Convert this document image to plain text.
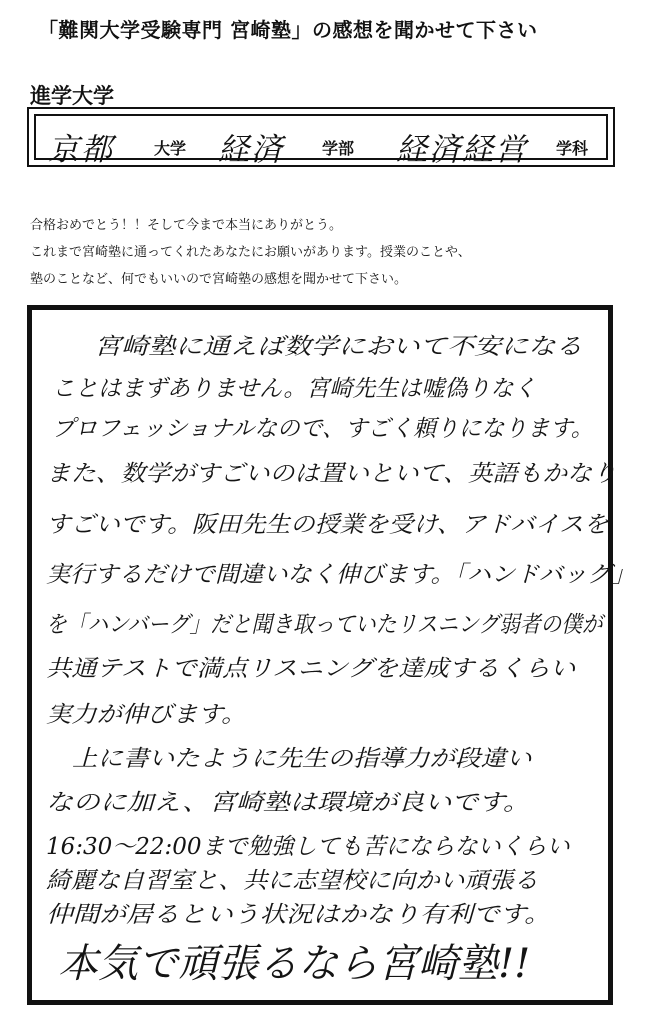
「難関大学受験専門 宮崎塾」の感想を聞かせて下さい
進学大学
京都	大学 経済 学部 経済経営 学科
合格おめでとう！！そして今まで本当にありがとう。
これまで宮崎塾に通ってくれたあなたにお願いがあります。授業のことや、
塾のことなど、何でもいいので宮崎塾の感想を聞かせて下さい。
宮崎塾に通えば数学において不安になる
ことはまずありません。宮崎先生は嘘偽りなく
プロフェッショナルなので、すごく頼りになります。
また、数学がすごいのは置いといて、英語もかなり
すごいです。阪田先生の授業を受け、アドバイスを
実行するだけで間違いなく伸びます。「ハンドバッグ」
を「ハンバーグ」だと聞き取っていたリスニング弱者の僕が
共通テストで満点リスニングを達成するくらい
実力が伸びます。
上に書いたように先生の指導力が段違い
なのに加え、宮崎塾は環境が良いです。
16:30〜22:00まで勉強しても苦にならないくらい
綺麗な自習室と、共に志望校に向かい頑張る
仲間が居るという状況はかなり有利です。
本気で頑張るなら宮崎塾!!
